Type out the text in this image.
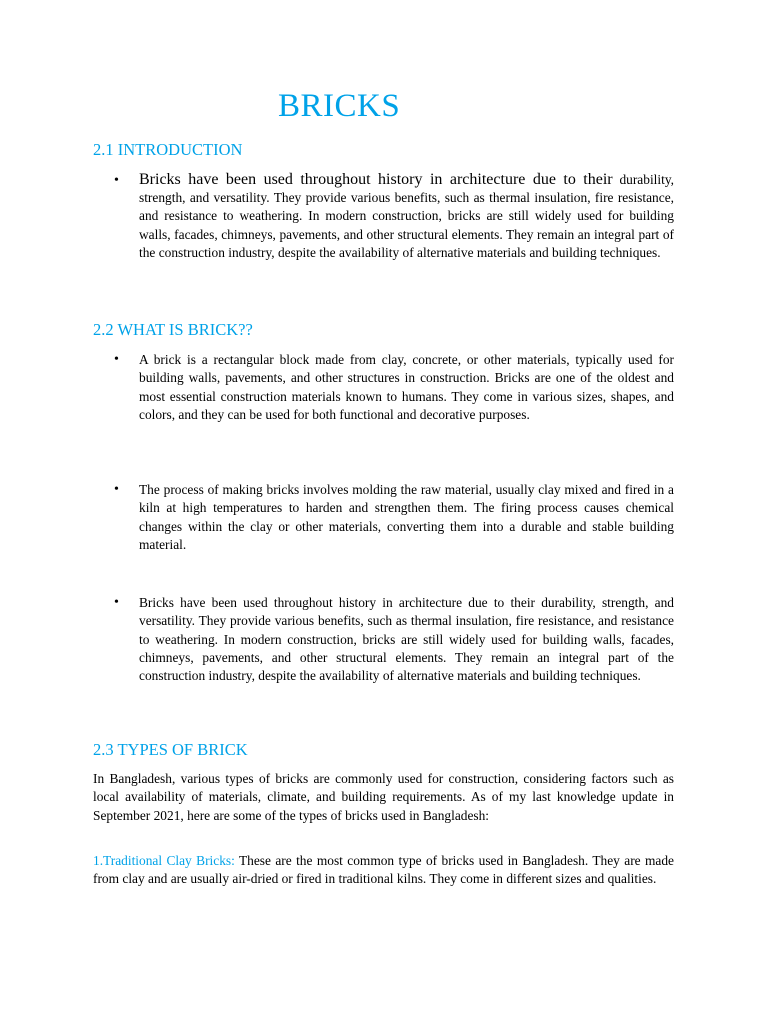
BRICKS
2.1 INTRODUCTION
• Bricks have been used throughout history in architecture due to their durability, strength, and versatility. They provide various benefits, such as thermal insulation, fire resistance, and resistance to weathering. In modern construction, bricks are still widely used for building walls, facades, chimneys, pavements, and other structural elements. They remain an integral part of the construction industry, despite the availability of alternative materials and building techniques.

2.2 WHAT IS BRICK??
• A brick is a rectangular block made from clay, concrete, or other materials, typically used for building walls, pavements, and other structures in construction. Bricks are one of the oldest and most essential construction materials known to humans. They come in various sizes, shapes, and colors, and they can be used for both functional and decorative purposes.

• The process of making bricks involves molding the raw material, usually clay mixed and fired in a kiln at high temperatures to harden and strengthen them. The firing process causes chemical changes within the clay or other materials, converting them into a durable and stable building material.

• Bricks have been used throughout history in architecture due to their durability, strength, and versatility. They provide various benefits, such as thermal insulation, fire resistance, and resistance to weathering. In modern construction, bricks are still widely used for building walls, facades, chimneys, pavements, and other structural elements. They remain an integral part of the construction industry, despite the availability of alternative materials and building techniques.

2.3 TYPES OF BRICK

In Bangladesh, various types of bricks are commonly used for construction, considering factors such as local availability of materials, climate, and building requirements. As of my last knowledge update in September 2021, here are some of the types of bricks used in Bangladesh:

1.Traditional Clay Bricks: These are the most common type of bricks used in Bangladesh. They are made from clay and are usually air-dried or fired in traditional kilns. They come in different sizes and qualities.
